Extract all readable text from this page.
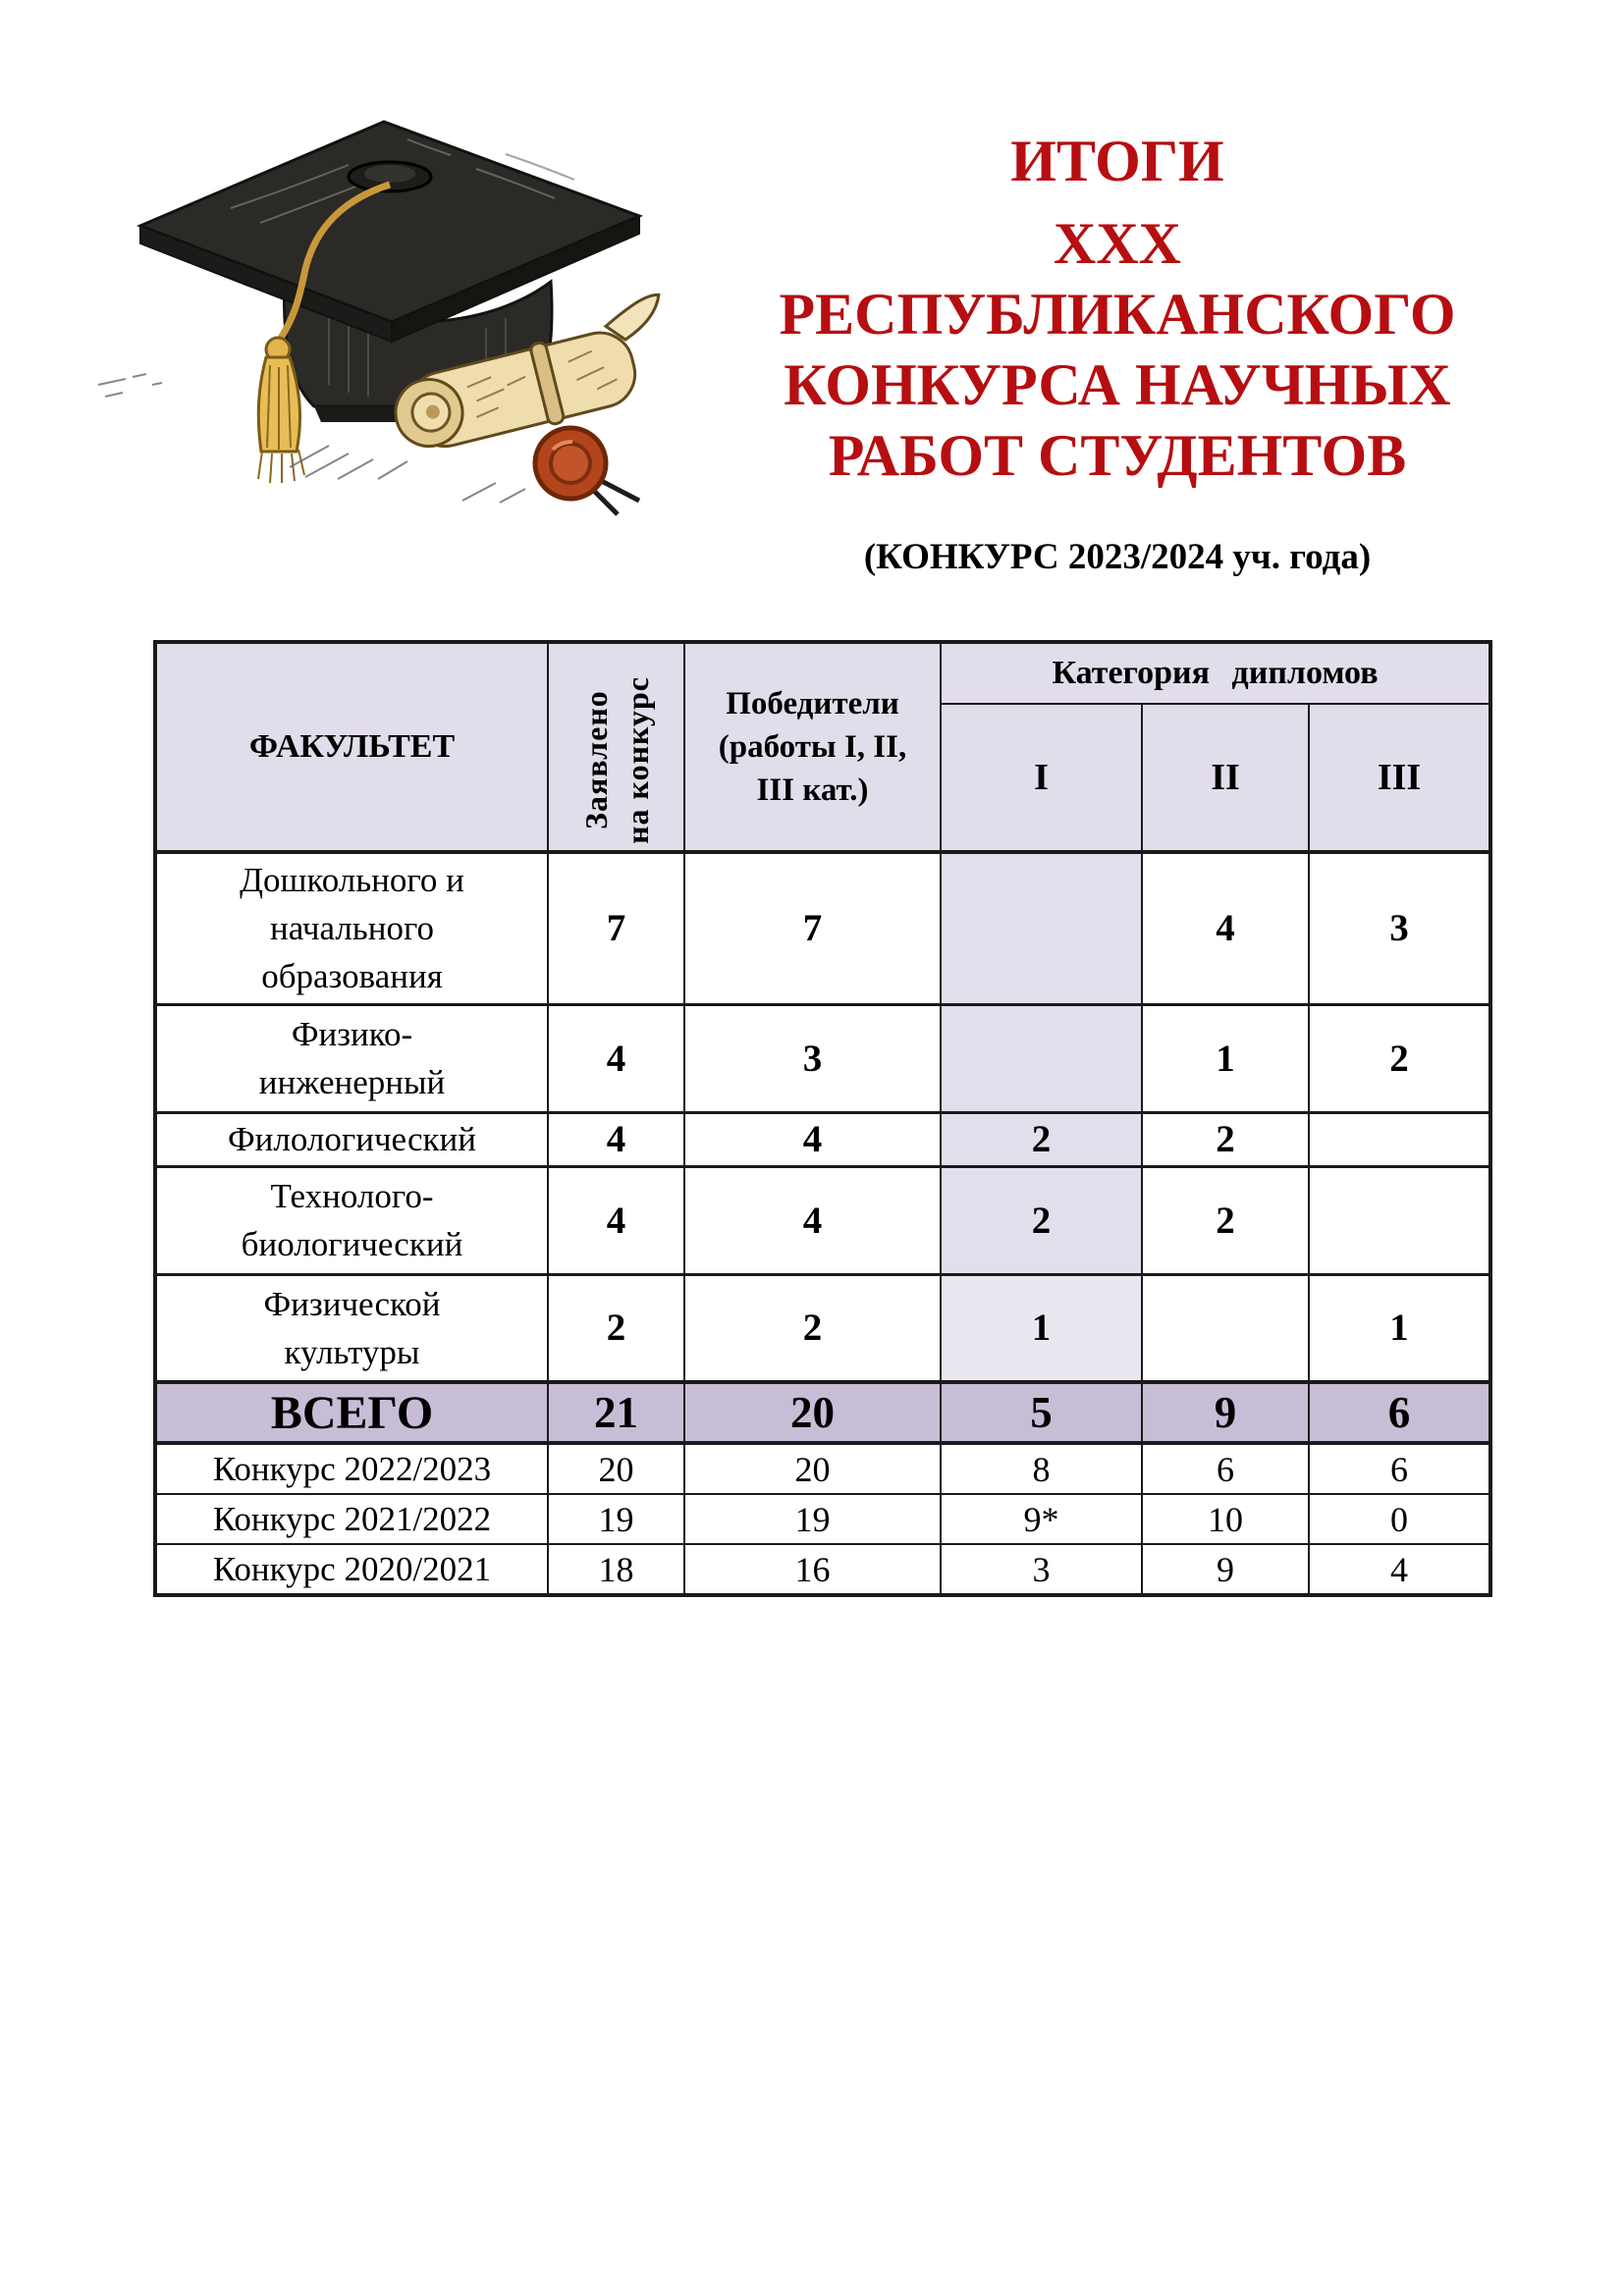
ИТОГИ
ХХХ
РЕСПУБЛИКАНСКОГО
КОНКУРСА НАУЧНЫХ
РАБОТ СТУДЕНТОВ
(КОНКУРС 2023/2024 уч. года)
ФАКУЛЬТЕТ	Заявлено на конкурс	Победители
(работы I, II,
III кат.)
	Категория дипломов
			I	II	III

Дошкольного и
начального
образования	7	7		4	3

Физико-
инженерный	4	3		1	2

Филологический	4	4	2	2	

Технолого-
биологический	4	4	2	2	

Физической
культуры	2	2	1		1

ВСЕГО	21	20	5	9	6

Конкурс 2022/2023	20	20	8	6	6

Конкурс 2021/2022	19	19	9*	10	0

Конкурс 2020/2021	18	16	3	9	4
